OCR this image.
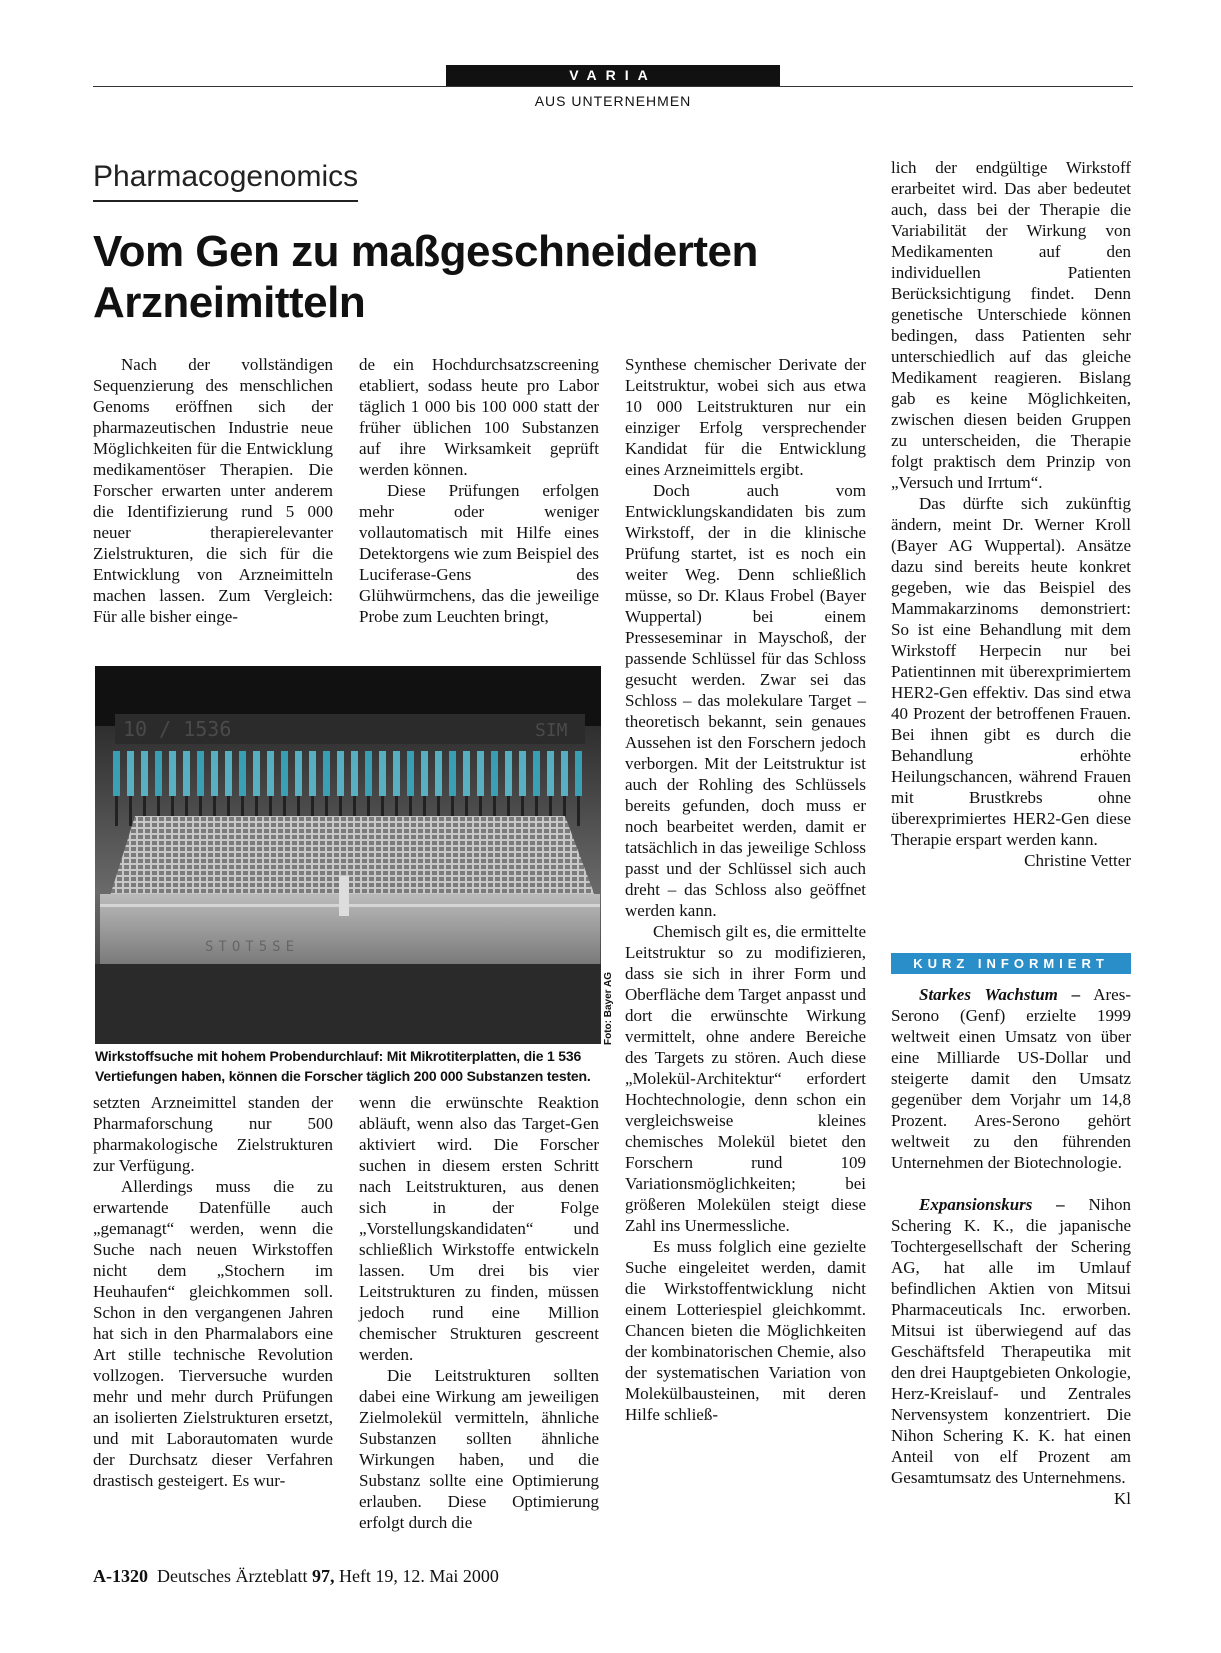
VARIA
AUS UNTERNEHMEN
Pharmacogenomics
Vom Gen zu maßgeschneiderten
Arzneimitteln

Nach der vollständigen Sequenzierung des menschlichen Genoms eröffnen sich der pharmazeutischen Industrie neue Möglichkeiten für die Entwicklung medikamentöser Therapien. Die Forscher erwarten unter anderem die Identifizierung rund 5 000 neuer therapierelevanter Zielstrukturen, die sich für die Entwicklung von Arzneimitteln machen lassen. Zum Vergleich: Für alle bisher einge-

de ein Hochdurchsatzscreening etabliert, sodass heute pro Labor täglich 1 000 bis 100 000 statt der früher üblichen 100 Substanzen auf ihre Wirksamkeit geprüft werden können.

Diese Prüfungen erfolgen mehr oder weniger vollautomatisch mit Hilfe eines Detektorgens wie zum Beispiel des Luciferase-Gens des Glühwürmchens, das die jeweilige Probe zum Leuchten bringt,

10 / 1536	SIM
STOT5SE
Foto: Bayer AG
Wirkstoffsuche mit hohem Probendurchlauf: Mit Mikrotiterplatten, die 1 536 Vertiefungen haben, können die Forscher täglich 200 000 Substanzen testen.

setzten Arzneimittel standen der Pharmaforschung nur 500 pharmakologische Zielstrukturen zur Verfügung.

Allerdings muss die zu erwartende Datenfülle auch „gemanagt“ werden, wenn die Suche nach neuen Wirkstoffen nicht dem „Stochern im Heuhaufen“ gleichkommen soll. Schon in den vergangenen Jahren hat sich in den Pharmalabors eine Art stille technische Revolution vollzogen. Tierversuche wurden mehr und mehr durch Prüfungen an isolierten Zielstrukturen ersetzt, und mit Laborautomaten wurde der Durchsatz dieser Verfahren drastisch gesteigert. Es wur-

wenn die erwünschte Reaktion abläuft, wenn also das Target-Gen aktiviert wird. Die Forscher suchen in diesem ersten Schritt nach Leitstrukturen, aus denen sich in der Folge „Vorstellungskandidaten“ und schließlich Wirkstoffe entwickeln lassen. Um drei bis vier Leitstrukturen zu finden, müssen jedoch rund eine Million chemischer Strukturen gescreent werden.

Die Leitstrukturen sollten dabei eine Wirkung am jeweiligen Zielmolekül vermitteln, ähnliche Substanzen sollten ähnliche Wirkungen haben, und die Substanz sollte eine Optimierung erlauben. Diese Optimierung erfolgt durch die

Synthese chemischer Derivate der Leitstruktur, wobei sich aus etwa 10 000 Leitstrukturen nur ein einziger Erfolg versprechender Kandidat für die Entwicklung eines Arzneimittels ergibt.

Doch auch vom Entwicklungskandidaten bis zum Wirkstoff, der in die klinische Prüfung startet, ist es noch ein weiter Weg. Denn schließlich müsse, so Dr. Klaus Frobel (Bayer Wuppertal) bei einem Presseseminar in Mayschoß, der passende Schlüssel für das Schloss gesucht werden. Zwar sei das Schloss – das molekulare Target – theoretisch bekannt, sein genaues Aussehen ist den Forschern jedoch verborgen. Mit der Leitstruktur ist auch der Rohling des Schlüssels bereits gefunden, doch muss er noch bearbeitet werden, damit er tatsächlich in das jeweilige Schloss passt und der Schlüssel sich auch dreht – das Schloss also geöffnet werden kann.

Chemisch gilt es, die ermittelte Leitstruktur so zu modifizieren, dass sie sich in ihrer Form und Oberfläche dem Target anpasst und dort die erwünschte Wirkung vermittelt, ohne andere Bereiche des Targets zu stören. Auch diese „Molekül-Architektur“ erfordert Hochtechnologie, denn schon ein vergleichsweise kleines chemisches Molekül bietet den Forschern rund 109 Variationsmöglichkeiten; bei größeren Molekülen steigt diese Zahl ins Unermessliche.

Es muss folglich eine gezielte Suche eingeleitet werden, damit die Wirkstoffentwicklung nicht einem Lotteriespiel gleichkommt. Chancen bieten die Möglichkeiten der kombinatorischen Chemie, also der systematischen Variation von Molekülbausteinen, mit deren Hilfe schließ-

lich der endgültige Wirkstoff erarbeitet wird. Das aber bedeutet auch, dass bei der Therapie die Variabilität der Wirkung von Medikamenten auf den individuellen Patienten Berücksichtigung findet. Denn genetische Unterschiede können bedingen, dass Patienten sehr unterschiedlich auf das gleiche Medikament reagieren. Bislang gab es keine Möglichkeiten, zwischen diesen beiden Gruppen zu unterscheiden, die Therapie folgt praktisch dem Prinzip von „Versuch und Irrtum“.

Das dürfte sich zukünftig ändern, meint Dr. Werner Kroll (Bayer AG Wuppertal). Ansätze dazu sind bereits heute konkret gegeben, wie das Beispiel des Mammakarzinoms demonstriert: So ist eine Behandlung mit dem Wirkstoff Herpecin nur bei Patientinnen mit überexprimiertem HER2-Gen effektiv. Das sind etwa 40 Prozent der betroffenen Frauen. Bei ihnen gibt es durch die Behandlung erhöhte Heilungschancen, während Frauen mit Brustkrebs ohne überexprimiertes HER2-Gen diese Therapie erspart werden kann.
Christine Vetter

KURZ INFORMIERT

Starkes Wachstum – Ares-Serono (Genf) erzielte 1999 weltweit einen Umsatz von über eine Milliarde US-Dollar und steigerte damit den Umsatz gegenüber dem Vorjahr um 14,8 Prozent. Ares-Serono gehört weltweit zu den führenden Unternehmen der Biotechnologie.

Expansionskurs – Nihon Schering K. K., die japanische Tochtergesellschaft der Schering AG, hat alle im Umlauf befindlichen Aktien von Mitsui Pharmaceuticals Inc. erworben. Mitsui ist überwiegend auf das Geschäftsfeld Therapeutika mit den drei Hauptgebieten Onkologie, Herz-Kreislauf- und Zentrales Nervensystem konzentriert. Die Nihon Schering K. K. hat einen Anteil von elf Prozent am Gesamtumsatz des Unternehmens.
Kl

A-1320 Deutsches Ärzteblatt 97, Heft 19, 12. Mai 2000
